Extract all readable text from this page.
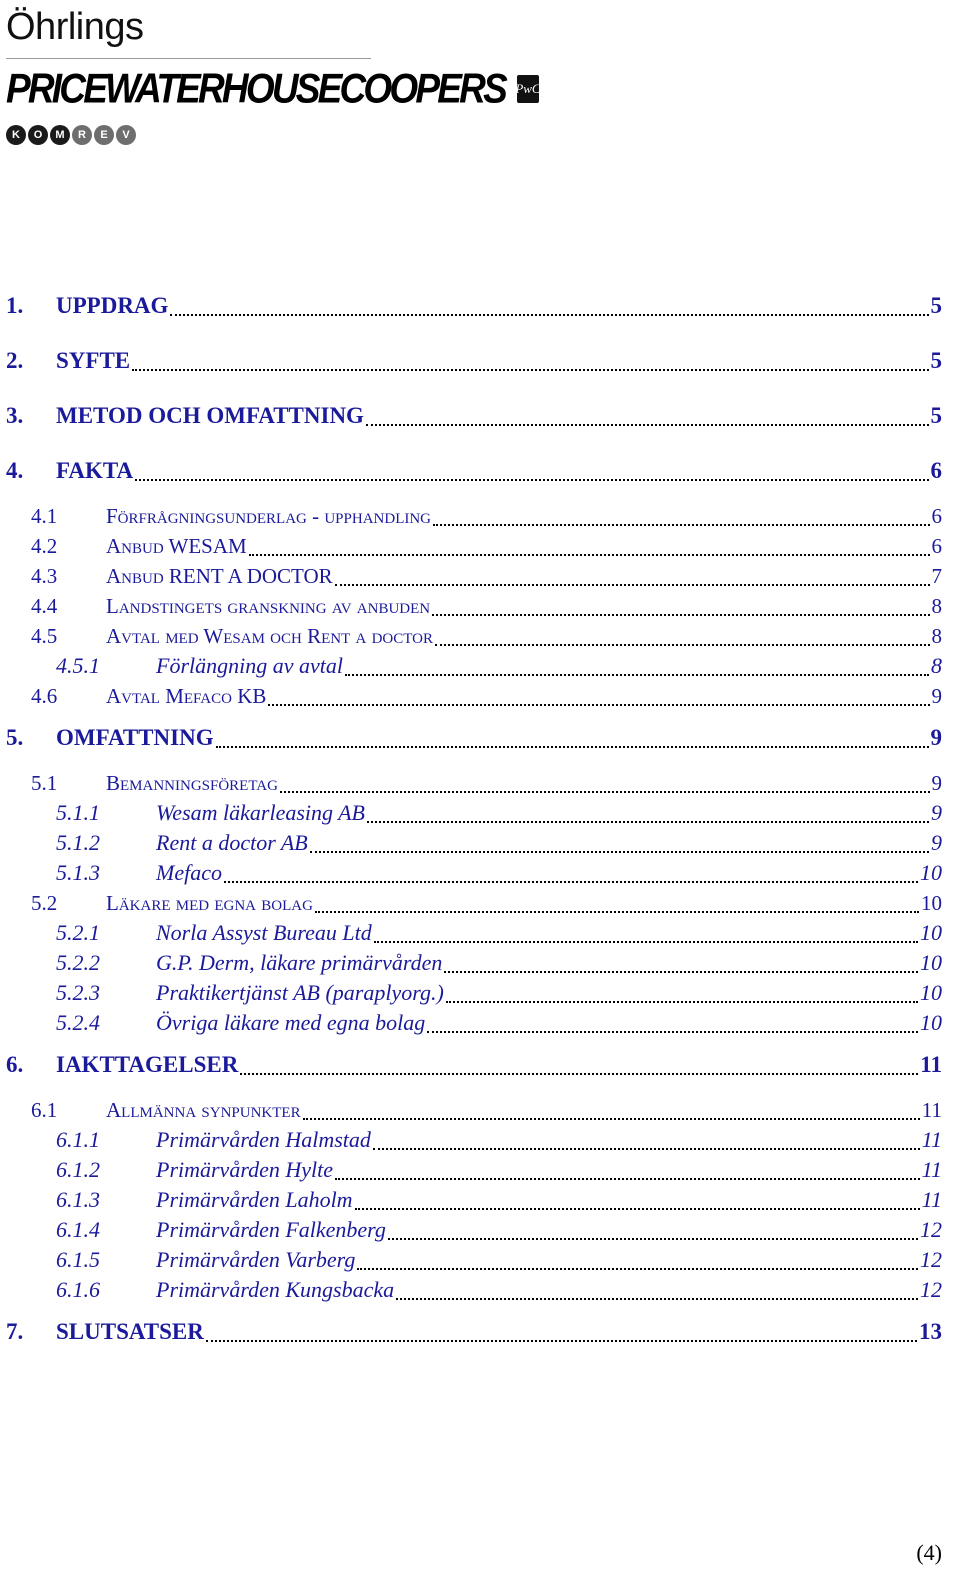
Öhrlings
PRICEWATERHOUSECOOPERS PwC
K	O	M	R	E	V
1. UPPDRAG	5
2. SYFTE	5
3. METOD OCH OMFATTNING	5
4. FAKTA	6
4.1 Förfrågningsunderlag - upphandling	6
4.2 Anbud WESAM	6
4.3 Anbud RENT A DOCTOR	7
4.4 Landstingets granskning av anbuden	8
4.5 Avtal med Wesam och Rent a doctor	8
4.5.1	Förlängning av avtal	8
4.6 Avtal Mefaco KB	9
5. OMFATTNING	9
5.1 Bemanningsföretag	9
5.1.1	Wesam läkarleasing AB	9
5.1.2	Rent a doctor AB	9
5.1.3	Mefaco	10
5.2 Läkare med egna bolag	10
5.2.1	Norla Assyst Bureau Ltd	10
5.2.2	G.P. Derm, läkare primärvården	10
5.2.3	Praktikertjänst AB (paraplyorg.)	10
5.2.4	Övriga läkare med egna bolag	10
6. IAKTTAGELSER	11
6.1 Allmänna synpunkter	11
6.1.1	Primärvården Halmstad	11
6.1.2	Primärvården Hylte	11
6.1.3	Primärvården Laholm	11
6.1.4	Primärvården Falkenberg	12
6.1.5	Primärvården Varberg	12
6.1.6	Primärvården Kungsbacka	12
7. SLUTSATSER	13
(4)
